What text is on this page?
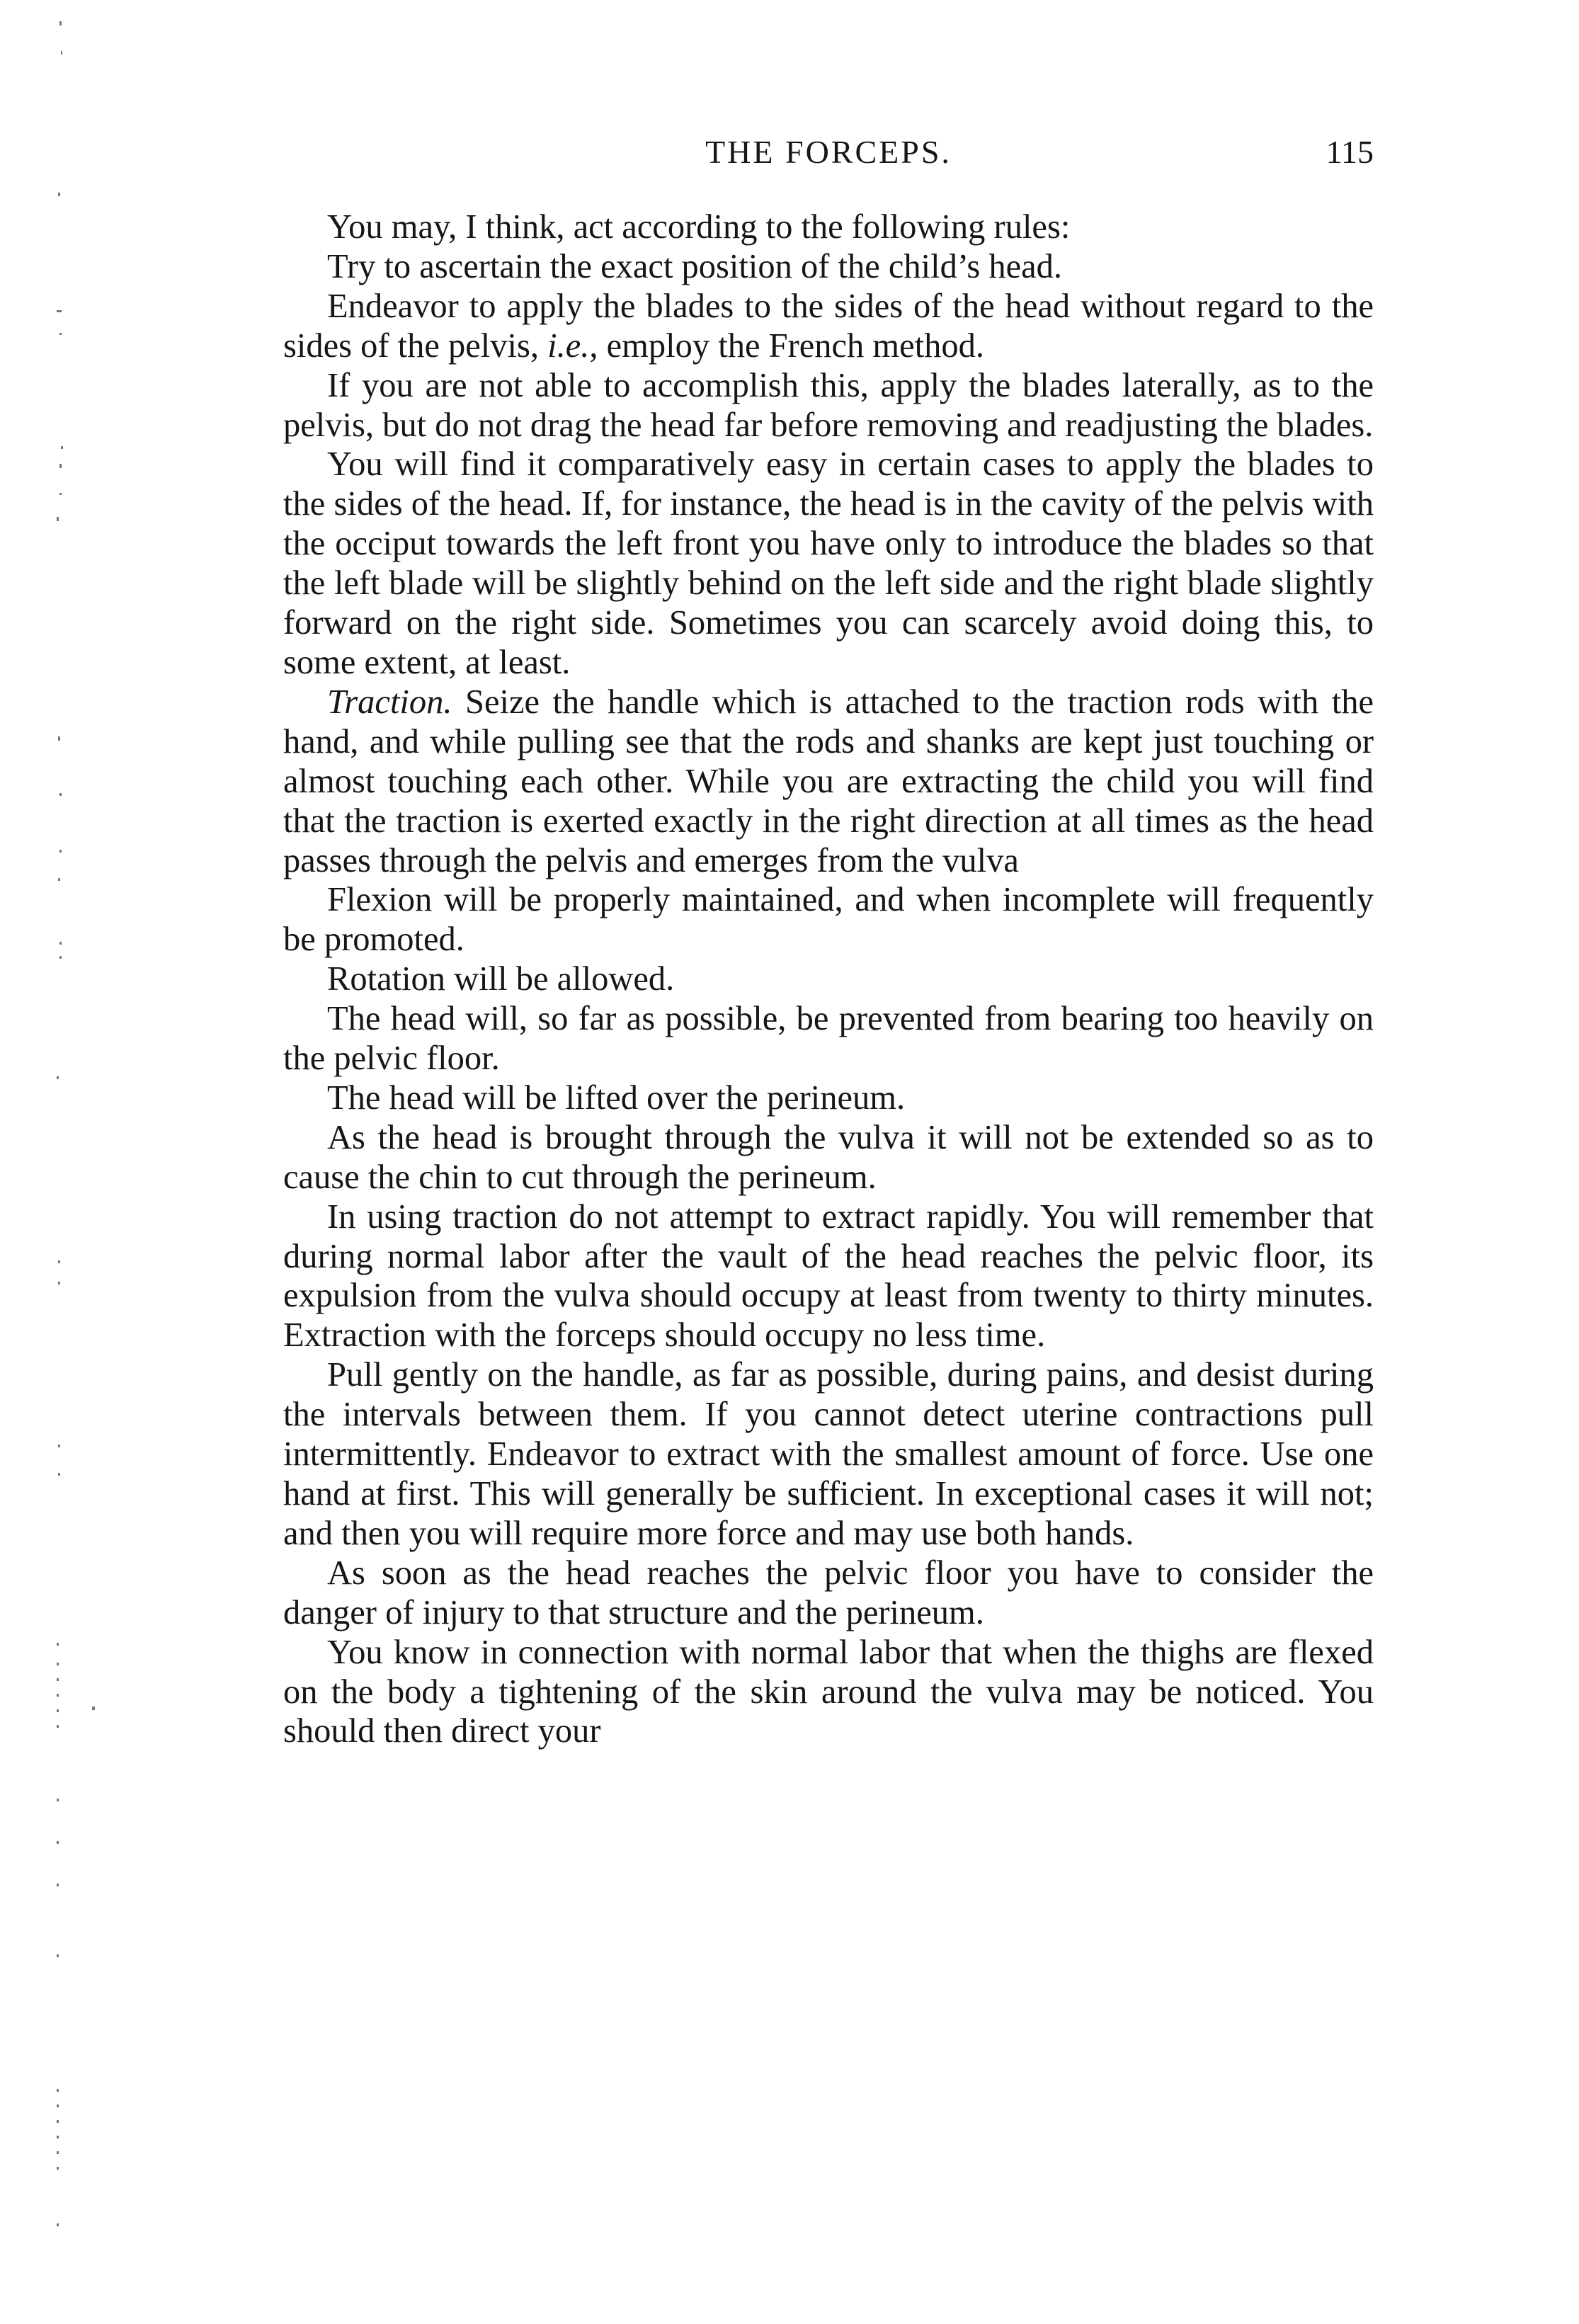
THE FORCEPS.	115

You may, I think, act according to the following rules:

Try to ascertain the exact position of the child’s head.

Endeavor to apply the blades to the sides of the head without regard to the sides of the pelvis, i.e., employ the French method.

If you are not able to accomplish this, apply the blades laterally, as to the pelvis, but do not drag the head far before removing and readjusting the blades.

You will find it comparatively easy in certain cases to apply the blades to the sides of the head. If, for instance, the head is in the cavity of the pelvis with the occiput towards the left front you have only to introduce the blades so that the left blade will be slightly behind on the left side and the right blade slightly forward on the right side. Sometimes you can scarcely avoid doing this, to some extent, at least.

Traction. Seize the handle which is attached to the traction rods with the hand, and while pulling see that the rods and shanks are kept just touching or almost touching each other. While you are extracting the child you will find that the traction is exerted exactly in the right direction at all times as the head passes through the pelvis and emerges from the vulva

Flexion will be properly maintained, and when incomplete will frequently be promoted.

Rotation will be allowed.

The head will, so far as possible, be prevented from bearing too heavily on the pelvic floor.

The head will be lifted over the perineum.

As the head is brought through the vulva it will not be extended so as to cause the chin to cut through the perineum.

In using traction do not attempt to extract rapidly. You will remember that during normal labor after the vault of the head reaches the pelvic floor, its expulsion from the vulva should occupy at least from twenty to thirty minutes. Extraction with the forceps should occupy no less time.

Pull gently on the handle, as far as possible, during pains, and desist during the intervals between them. If you cannot detect uterine contractions pull intermittently. Endeavor to extract with the smallest amount of force. Use one hand at first. This will generally be sufficient. In exceptional cases it will not; and then you will require more force and may use both hands.

As soon as the head reaches the pelvic floor you have to consider the danger of injury to that structure and the perineum.

You know in connection with normal labor that when the thighs are flexed on the body a tightening of the skin around the vulva may be noticed. You should then direct your
